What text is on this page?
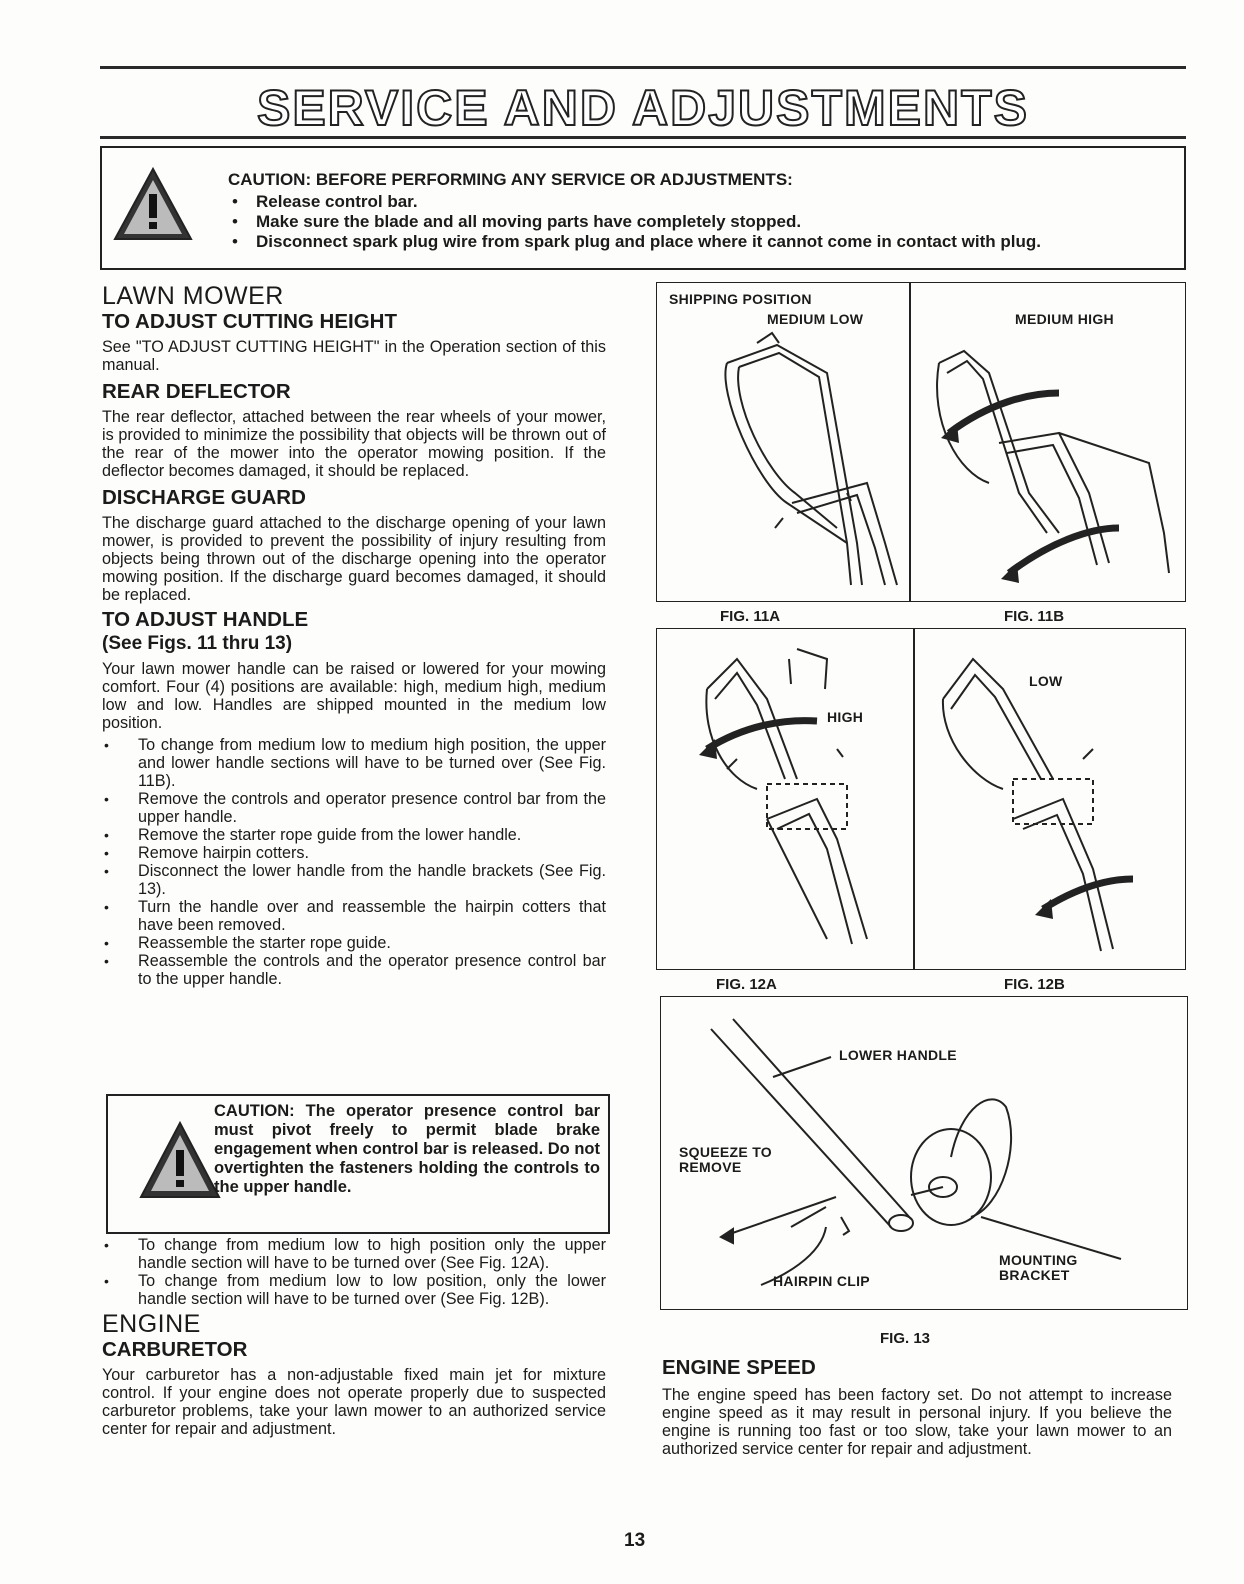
SERVICE AND ADJUSTMENTS
CAUTION: BEFORE PERFORMING ANY SERVICE OR ADJUSTMENTS:
• Release control bar.
• Make sure the blade and all moving parts have completely stopped.
• Disconnect spark plug wire from spark plug and place where it cannot come in contact with plug.
LAWN MOWER
TO ADJUST CUTTING HEIGHT

See "TO ADJUST CUTTING HEIGHT" in the Operation section of this manual.

REAR DEFLECTOR

The rear deflector, attached between the rear wheels of your mower, is provided to minimize the possibility that objects will be thrown out of the rear of the mower into the operator mowing position. If the deflector becomes damaged, it should be replaced.

DISCHARGE GUARD

The discharge guard attached to the discharge opening of your lawn mower, is provided to prevent the possibility of injury resulting from objects being thrown out of the discharge opening into the operator mowing position. If the discharge guard becomes damaged, it should be replaced.

TO ADJUST HANDLE
(See Figs. 11 thru 13)

Your lawn mower handle can be raised or lowered for your mowing comfort. Four (4) positions are available: high, medium high, medium low and low. Handles are shipped mounted in the medium low position.

• To change from medium low to medium high position, the upper and lower handle sections will have to be turned over (See Fig. 11B).
• Remove the controls and operator presence control bar from the upper handle.
• Remove the starter rope guide from the lower handle.
• Remove hairpin cotters.
• Disconnect the lower handle from the handle brackets (See Fig. 13).
• Turn the handle over and reassemble the hairpin cotters that have been removed.
• Reassemble the starter rope guide.
• Reassemble the controls and the operator presence control bar to the upper handle.
CAUTION: The operator presence control bar must pivot freely to permit blade brake engagement when control bar is released. Do not overtighten the fasteners holding the controls to the upper handle.
• To change from medium low to high position only the upper handle section will have to be turned over (See Fig. 12A).
• To change from medium low to low position, only the lower handle section will have to be turned over (See Fig. 12B).
ENGINE
CARBURETOR

Your carburetor has a non-adjustable fixed main jet for mixture control. If your engine does not operate properly due to suspected carburetor problems, take your lawn mower to an authorized service center for repair and adjustment.

13
SHIPPING POSITION
MEDIUM LOW	MEDIUM HIGH
FIG. 11A	FIG. 11B
HIGH
LOW
FIG. 12A	FIG. 12B
LOWER HANDLE
SQUEEZE TO
REMOVE
MOUNTING
BRACKET
HAIRPIN CLIP
FIG. 13
ENGINE SPEED

The engine speed has been factory set. Do not attempt to increase engine speed as it may result in personal injury. If you believe the engine is running too fast or too slow, take your lawn mower to an authorized service center for repair and adjustment.
